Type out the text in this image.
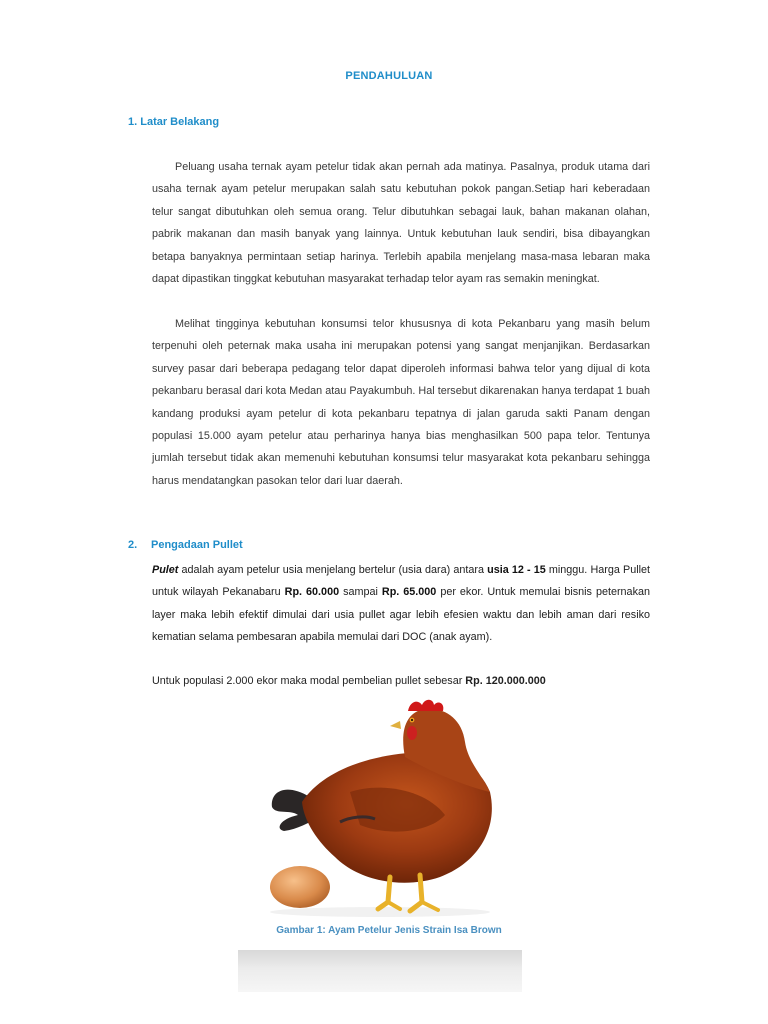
PENDAHULUAN
1. Latar Belakang
Peluang usaha ternak ayam petelur tidak akan pernah ada matinya. Pasalnya, produk utama dari usaha ternak ayam petelur merupakan salah satu kebutuhan pokok pangan.Setiap hari keberadaan telur sangat dibutuhkan oleh semua orang. Telur dibutuhkan sebagai lauk, bahan makanan olahan, pabrik makanan dan masih banyak yang lainnya. Untuk kebutuhan lauk sendiri, bisa dibayangkan betapa banyaknya permintaan setiap harinya. Terlebih apabila menjelang masa-masa lebaran maka dapat dipastikan tinggkat kebutuhan masyarakat terhadap telor ayam ras semakin meningkat.
Melihat tingginya kebutuhan konsumsi telor khususnya di kota Pekanbaru yang masih belum terpenuhi oleh peternak maka usaha ini merupakan potensi yang sangat menjanjikan. Berdasarkan survey pasar dari beberapa pedagang telor dapat diperoleh informasi bahwa telor yang dijual di kota pekanbaru berasal dari kota Medan atau Payakumbuh. Hal tersebut dikarenakan hanya terdapat 1 buah kandang produksi ayam petelur di kota pekanbaru tepatnya di jalan garuda sakti Panam dengan populasi 15.000 ayam petelur atau perharinya hanya bias menghasilkan 500 papa telor. Tentunya jumlah tersebut tidak akan memenuhi kebutuhan konsumsi telur masyarakat kota pekanbaru sehingga harus mendatangkan pasokan telor dari luar daerah.
2. Pengadaan Pullet
Pulet adalah ayam petelur usia menjelang bertelur (usia dara) antara usia 12 - 15 minggu. Harga Pullet untuk wilayah Pekanabaru Rp. 60.000 sampai Rp. 65.000 per ekor. Untuk memulai bisnis peternakan layer maka lebih efektif dimulai dari usia pullet agar lebih efesien waktu dan lebih aman dari resiko kematian selama pembesaran apabila memulai dari DOC (anak ayam).
Untuk populasi 2.000 ekor maka modal pembelian pullet sebesar Rp. 120.000.000
Gambar 1: Ayam Petelur Jenis Strain Isa Brown
